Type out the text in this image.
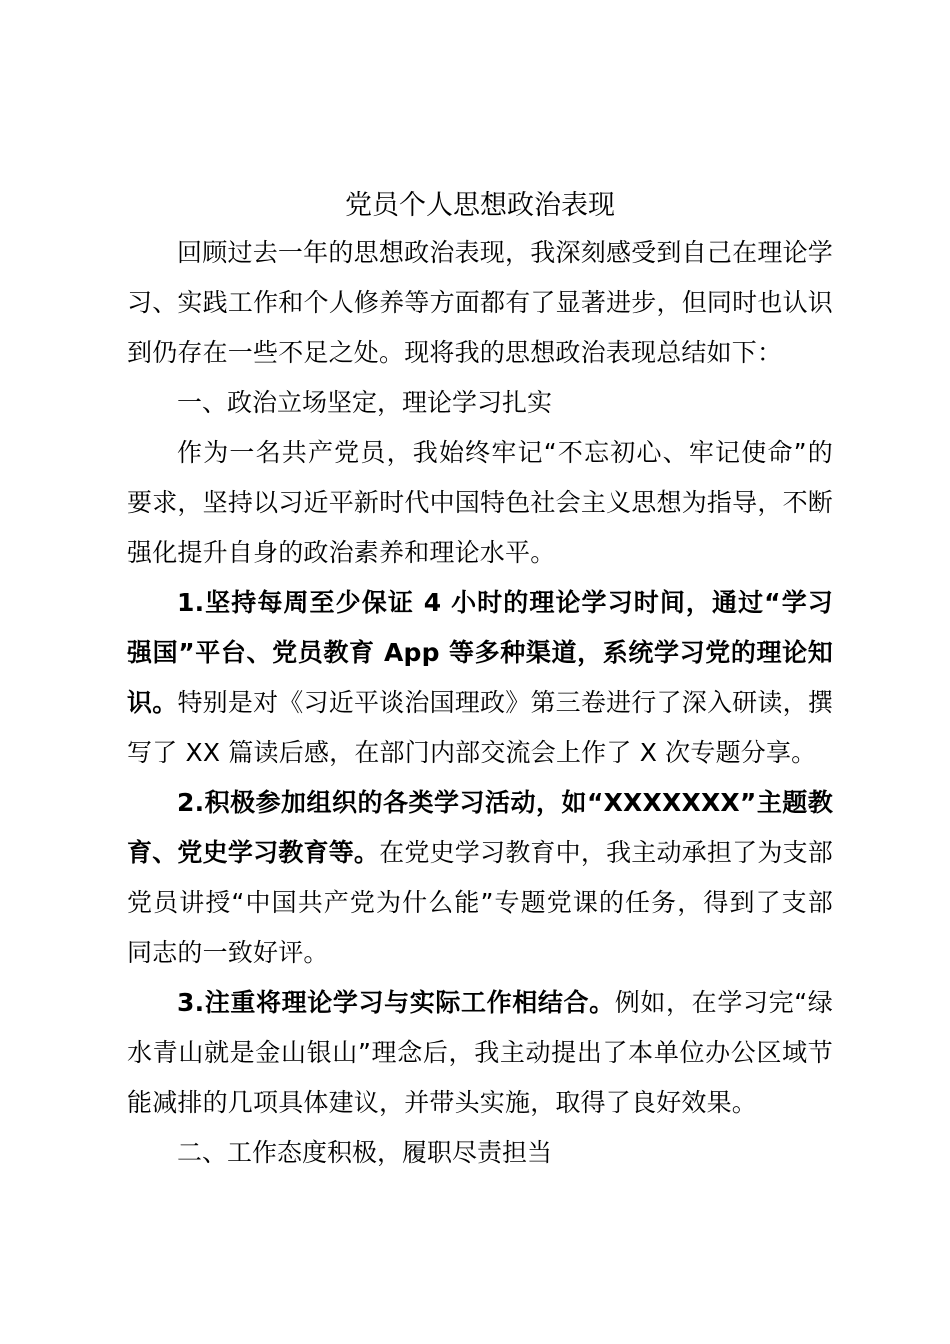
党员个人思想政治表现

回顾过去一年的思想政治表现，我深刻感受到自己在理论学习、实践工作和个人修养等方面都有了显著进步，但同时也认识到仍存在一些不足之处。现将我的思想政治表现总结如下：

一、政治立场坚定，理论学习扎实

作为一名共产党员，我始终牢记“不忘初心、牢记使命”的要求，坚持以习近平新时代中国特色社会主义思想为指导，不断强化提升自身的政治素养和理论水平。

1.坚持每周至少保证 4 小时的理论学习时间，通过“学习强国”平台、党员教育 App 等多种渠道，系统学习党的理论知识。特别是对《习近平谈治国理政》第三卷进行了深入研读，撰写了 XX 篇读后感，在部门内部交流会上作了 X 次专题分享。

2.积极参加组织的各类学习活动，如“XXXXXXX”主题教育、党史学习教育等。在党史学习教育中，我主动承担了为支部党员讲授“中国共产党为什么能”专题党课的任务，得到了支部同志的一致好评。

3.注重将理论学习与实际工作相结合。例如，在学习完“绿水青山就是金山银山”理念后，我主动提出了本单位办公区域节能减排的几项具体建议，并带头实施，取得了良好效果。

二、工作态度积极，履职尽责担当
